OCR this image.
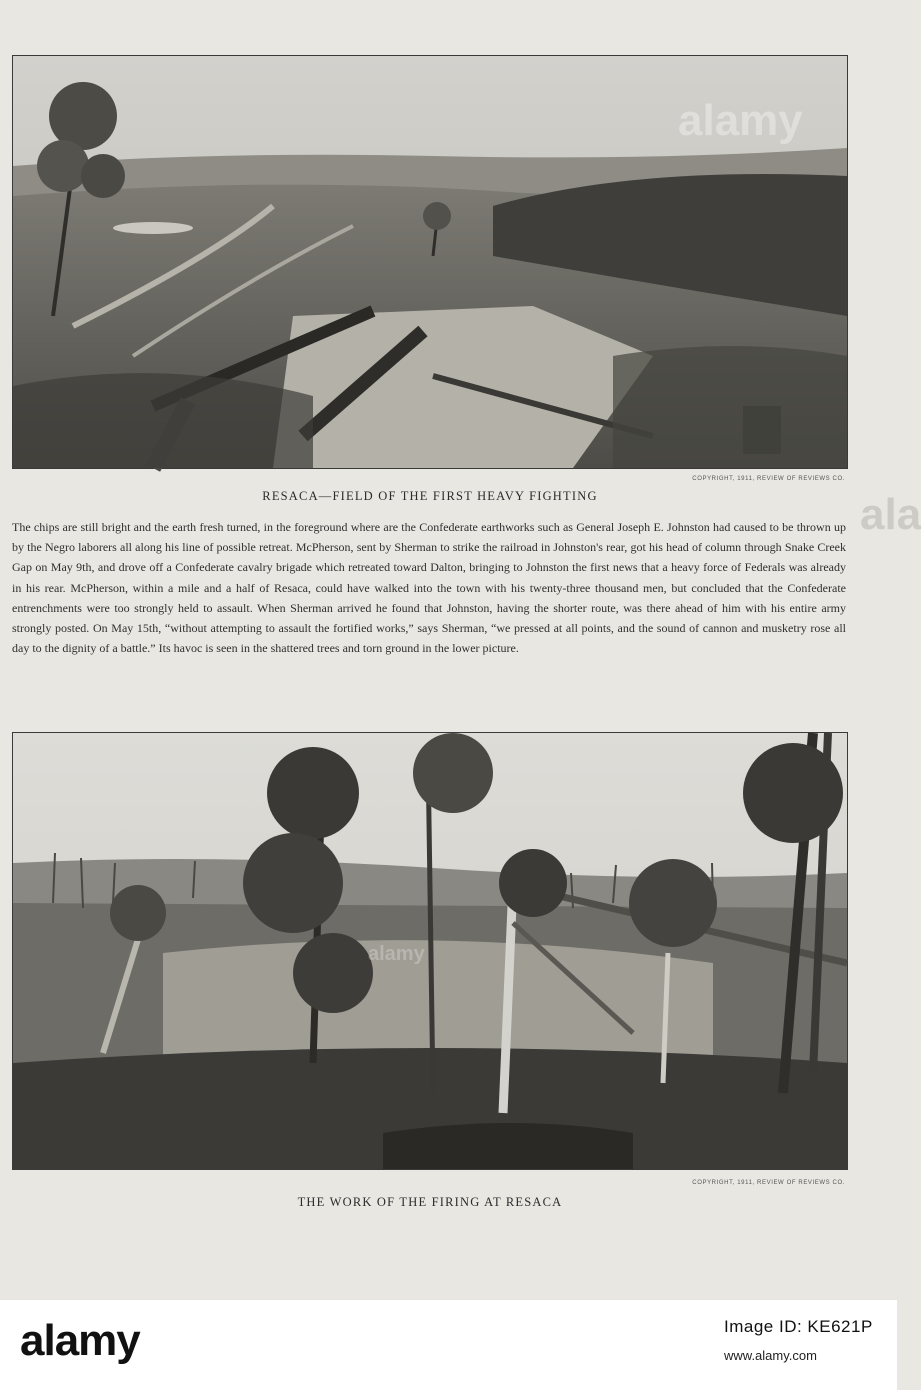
alamy
COPYRIGHT, 1911, REVIEW OF REVIEWS CO.
RESACA—FIELD OF THE FIRST HEAVY FIGHTING

The chips are still bright and the earth fresh turned, in the foreground where are the Confederate earthworks such as General Joseph E. Johnston had caused to be thrown up by the Negro laborers all along his line of possible retreat. McPherson, sent by Sherman to strike the railroad in Johnston's rear, got his head of column through Snake Creek Gap on May 9th, and drove off a Confederate cavalry brigade which retreated toward Dalton, bringing to Johnston the first news that a heavy force of Federals was already in his rear. McPherson, within a mile and a half of Resaca, could have walked into the town with his twenty-three thousand men, but concluded that the Confederate entrenchments were too strongly held to assault. When Sherman arrived he found that Johnston, having the shorter route, was there ahead of him with his entire army strongly posted. On May 15th, “without attempting to assault the fortified works,” says Sherman, “we pressed at all points, and the sound of cannon and musketry rose all day to the dignity of a battle.” Its havoc is seen in the shattered trees and torn ground in the lower picture.

alamy
COPYRIGHT, 1911, REVIEW OF REVIEWS CO.
THE WORK OF THE FIRING AT RESACA
ala
alamy	Image ID: KE621P
www.alamy.com
